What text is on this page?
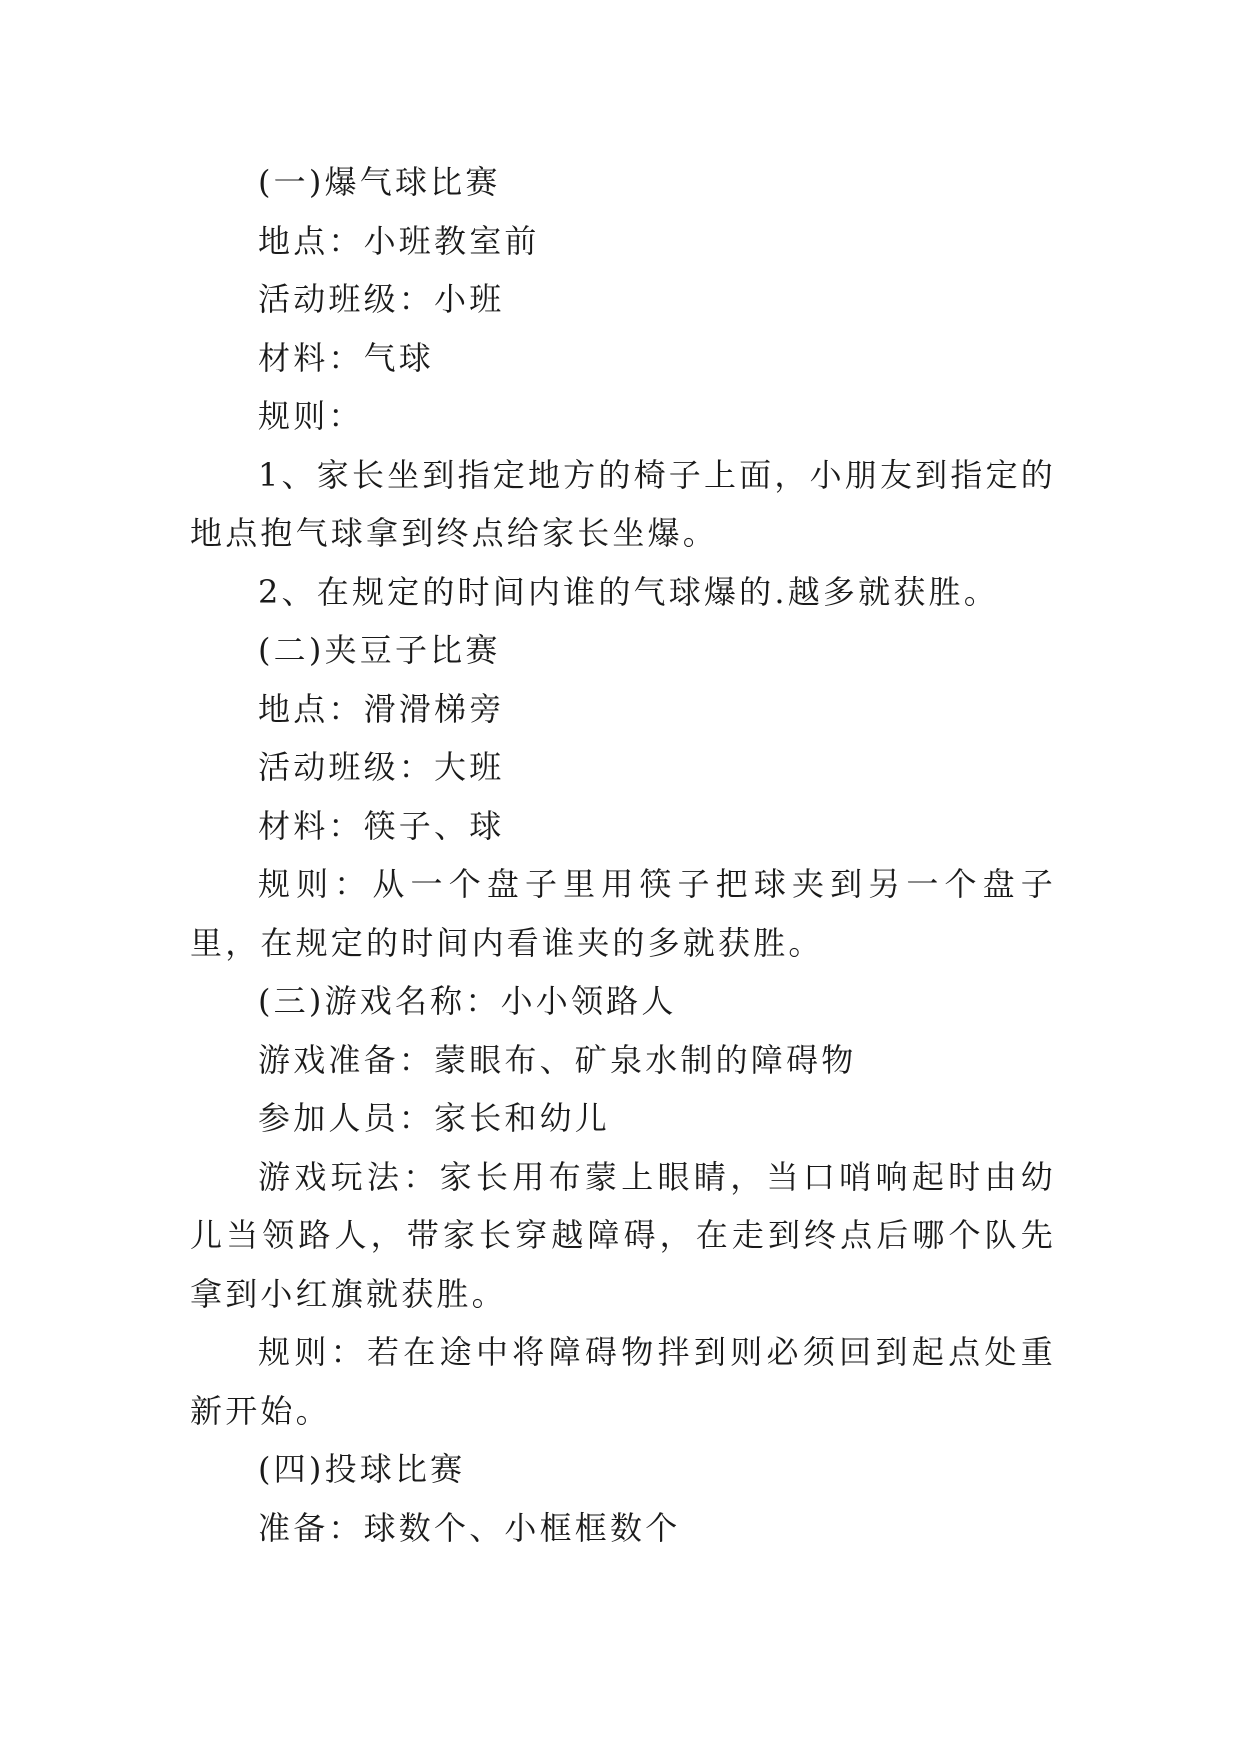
(一)爆气球比赛

地点：小班教室前

活动班级：小班

材料：气球

规则：

1、家长坐到指定地方的椅子上面，小朋友到指定的地点抱气球拿到终点给家长坐爆。

2、在规定的时间内谁的气球爆的.越多就获胜。

(二)夹豆子比赛

地点：滑滑梯旁

活动班级：大班

材料：筷子、球

规则：从一个盘子里用筷子把球夹到另一个盘子里，在规定的时间内看谁夹的多就获胜。

(三)游戏名称：小小领路人

游戏准备：蒙眼布、矿泉水制的障碍物

参加人员：家长和幼儿

游戏玩法：家长用布蒙上眼睛，当口哨响起时由幼儿当领路人，带家长穿越障碍，在走到终点后哪个队先拿到小红旗就获胜。

规则：若在途中将障碍物拌到则必须回到起点处重新开始。

(四)投球比赛

准备：球数个、小框框数个
